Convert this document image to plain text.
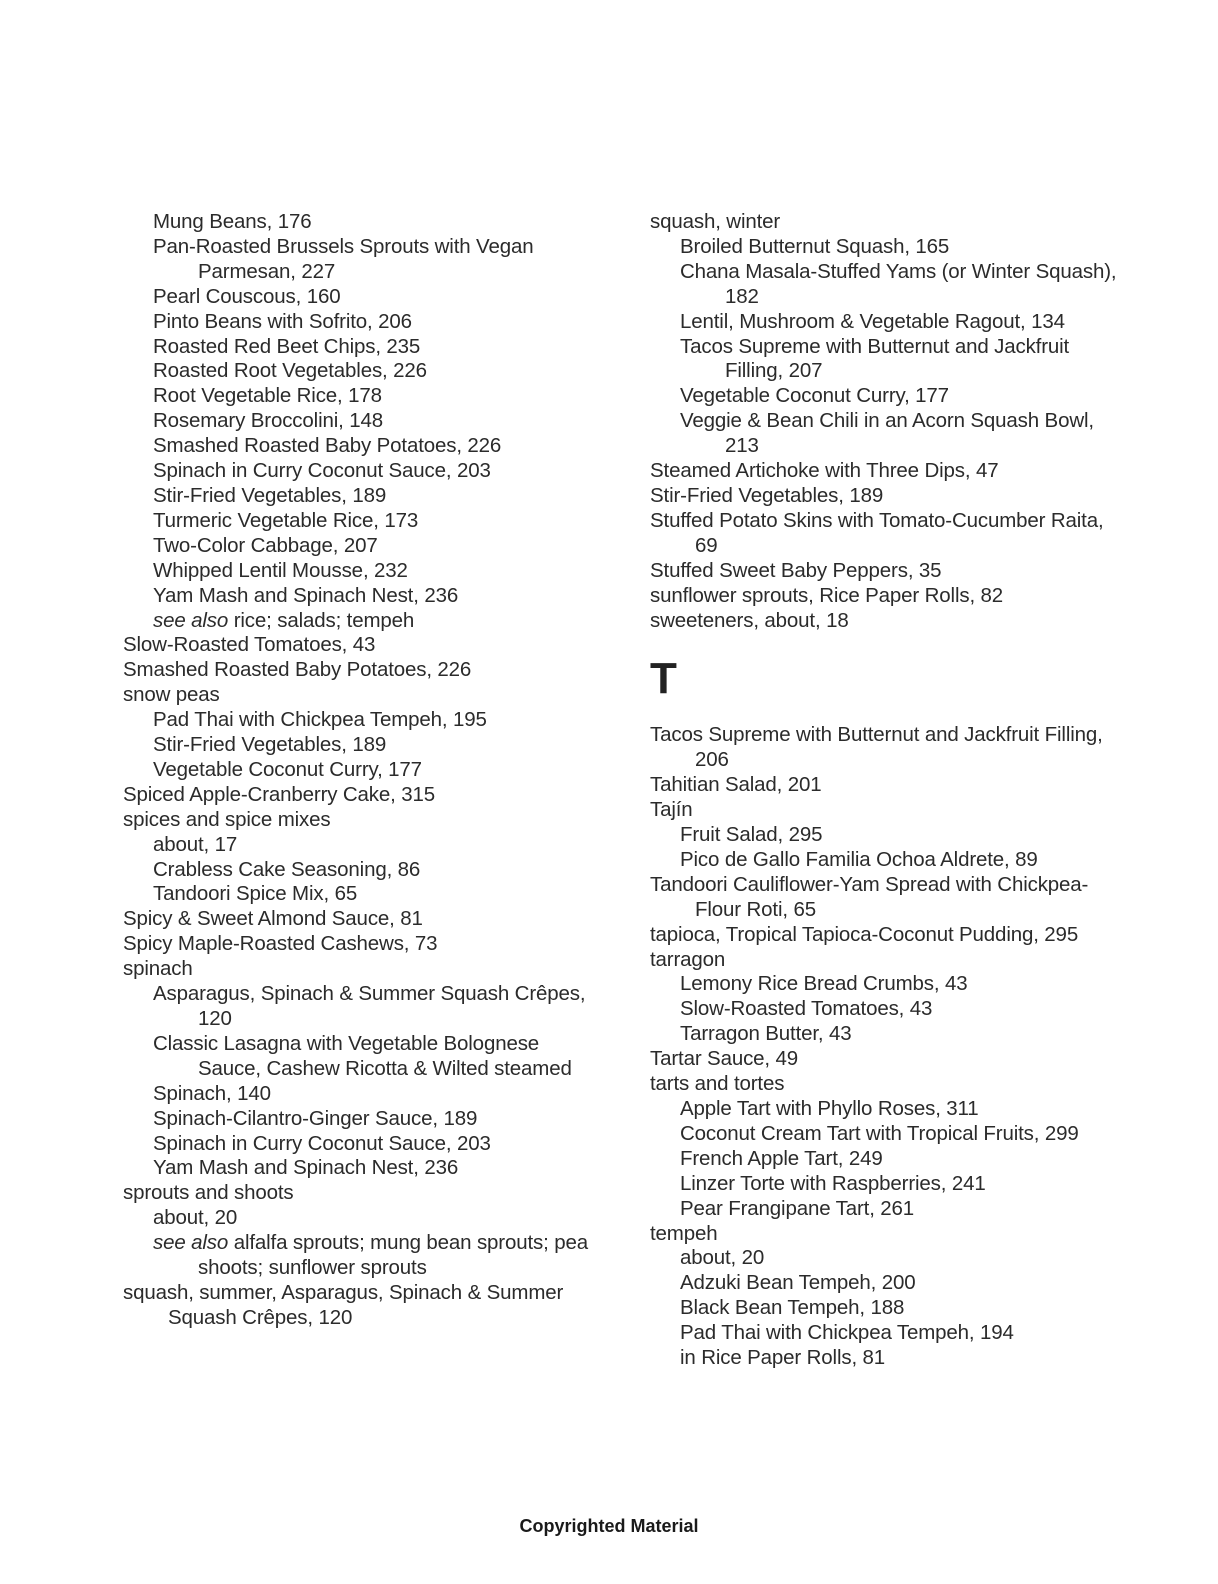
Mung Beans, 176
Pan-Roasted Brussels Sprouts with Vegan Parmesan, 227
Pearl Couscous, 160
Pinto Beans with Sofrito, 206
Roasted Red Beet Chips, 235
Roasted Root Vegetables, 226
Root Vegetable Rice, 178
Rosemary Broccolini, 148
Smashed Roasted Baby Potatoes, 226
Spinach in Curry Coconut Sauce, 203
Stir-Fried Vegetables, 189
Turmeric Vegetable Rice, 173
Two-Color Cabbage, 207
Whipped Lentil Mousse, 232
Yam Mash and Spinach Nest, 236
see also rice; salads; tempeh
Slow-Roasted Tomatoes, 43
Smashed Roasted Baby Potatoes, 226
snow peas
Pad Thai with Chickpea Tempeh, 195
Stir-Fried Vegetables, 189
Vegetable Coconut Curry, 177
Spiced Apple-Cranberry Cake, 315
spices and spice mixes
about, 17
Crabless Cake Seasoning, 86
Tandoori Spice Mix, 65
Spicy & Sweet Almond Sauce, 81
Spicy Maple-Roasted Cashews, 73
spinach
Asparagus, Spinach & Summer Squash Crêpes, 120
Classic Lasagna with Vegetable Bolognese Sauce, Cashew Ricotta & Wilted steamed
Spinach, 140
Spinach-Cilantro-Ginger Sauce, 189
Spinach in Curry Coconut Sauce, 203
Yam Mash and Spinach Nest, 236
sprouts and shoots
about, 20
see also alfalfa sprouts; mung bean sprouts; pea shoots; sunflower sprouts
squash, summer, Asparagus, Spinach & Summer Squash Crêpes, 120
squash, winter
Broiled Butternut Squash, 165
Chana Masala-Stuffed Yams (or Winter Squash), 182
Lentil, Mushroom & Vegetable Ragout, 134
Tacos Supreme with Butternut and Jackfruit Filling, 207
Vegetable Coconut Curry, 177
Veggie & Bean Chili in an Acorn Squash Bowl, 213
Steamed Artichoke with Three Dips, 47
Stir-Fried Vegetables, 189
Stuffed Potato Skins with Tomato-Cucumber Raita, 69
Stuffed Sweet Baby Peppers, 35
sunflower sprouts, Rice Paper Rolls, 82
sweeteners, about, 18
T
Tacos Supreme with Butternut and Jackfruit Filling, 206
Tahitian Salad, 201
Tajín
Fruit Salad, 295
Pico de Gallo Familia Ochoa Aldrete, 89
Tandoori Cauliflower-Yam Spread with Chickpea-Flour Roti, 65
tapioca, Tropical Tapioca-Coconut Pudding, 295
tarragon
Lemony Rice Bread Crumbs, 43
Slow-Roasted Tomatoes, 43
Tarragon Butter, 43
Tartar Sauce, 49
tarts and tortes
Apple Tart with Phyllo Roses, 311
Coconut Cream Tart with Tropical Fruits, 299
French Apple Tart, 249
Linzer Torte with Raspberries, 241
Pear Frangipane Tart, 261
tempeh
about, 20
Adzuki Bean Tempeh, 200
Black Bean Tempeh, 188
Pad Thai with Chickpea Tempeh, 194
in Rice Paper Rolls, 81
Copyrighted Material
